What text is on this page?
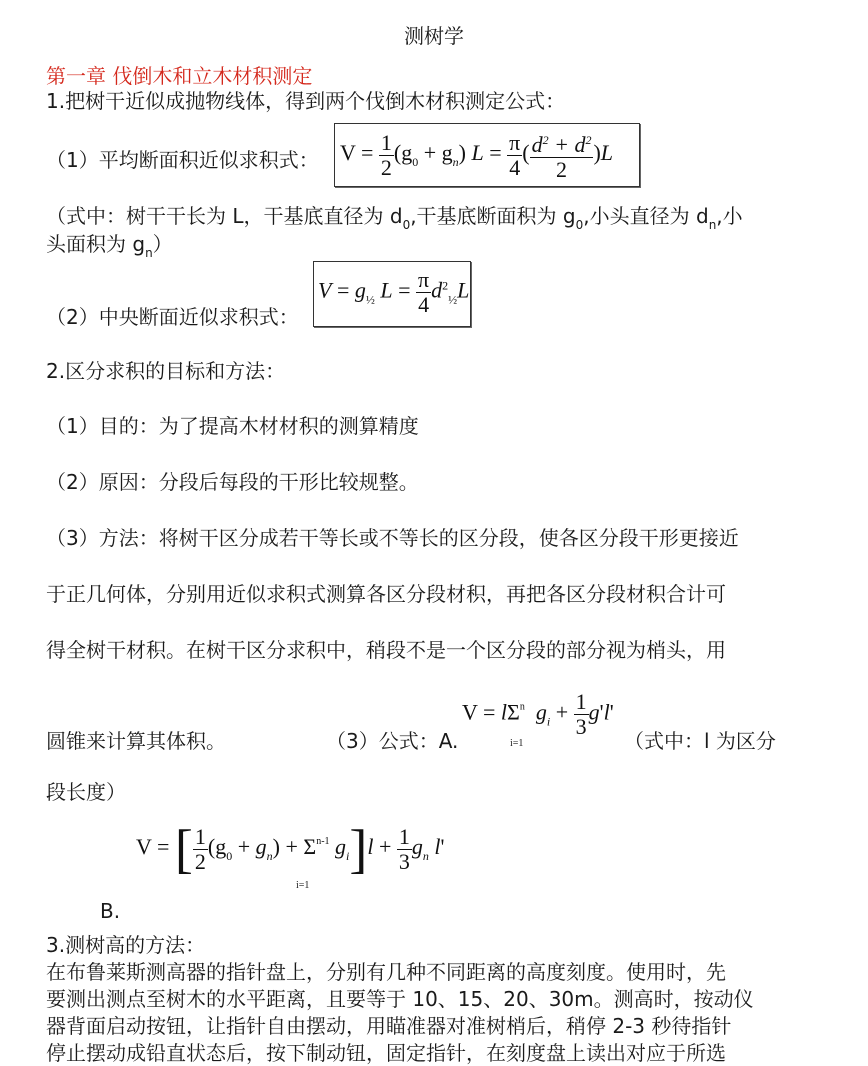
测树学
第一章 伐倒木和立木材积测定
1.把树干近似成抛物线体，得到两个伐倒木材积测定公式：
（1）平均断面积近似求积式： $V = \frac{1}{2} (g_0 + g_n) L = \frac{\pi}{4}$ ( $\frac{d^2 + d^2}{2} )L$
（式中：树干干长为 L，干基底直径为 $d_0$,干基底断面积为 $g_0$,小头直径为 $d_n$,小
头面积为 $g_n$）
（2）中央断面近似求积式：
$V = g_{\frac{1}{2}}$ $L = \frac{\pi}{4} d^2_{\frac{1}{2}}L$
2.区分求积的目标和方法：
（1）目的：为了提高木材材积的测算精度
（2）原因：分段后每段的干形比较规整。
（3）方法：将树干区分成若干等长或不等长的区分段，使各区分段干形更接近
于正几何体，分别用近似求积式测算各区分段材积，再把各区分段材积合计可
得全树干材积。在树干区分求积中，稍段不是一个区分段的部分视为梢头，用
圆锥来计算其体积。	（3）公式：A.
$V = l\Sigma^n$ $g_i + \frac{1}{3} g'l'$
i=1	（式中：l 为区分
段长度）
V = [ $\frac{1}{2} (g_0 + g_n) + \Sigma^{n-1}$ $g_i]l + \frac{1}{3} g_n$ l'
i=1
B.
3.测树高的方法：
在布鲁莱斯测高器的指针盘上，分别有几种不同距离的高度刻度。使用时，先
要测出测点至树木的水平距离，且要等于 10、15、20、30m。测高时，按动仪
器背面启动按钮，让指针自由摆动，用瞄准器对准树梢后，稍停 2-3 秒待指针
停止摆动成铅直状态后，按下制动钮，固定指针，在刻度盘上读出对应于所选
